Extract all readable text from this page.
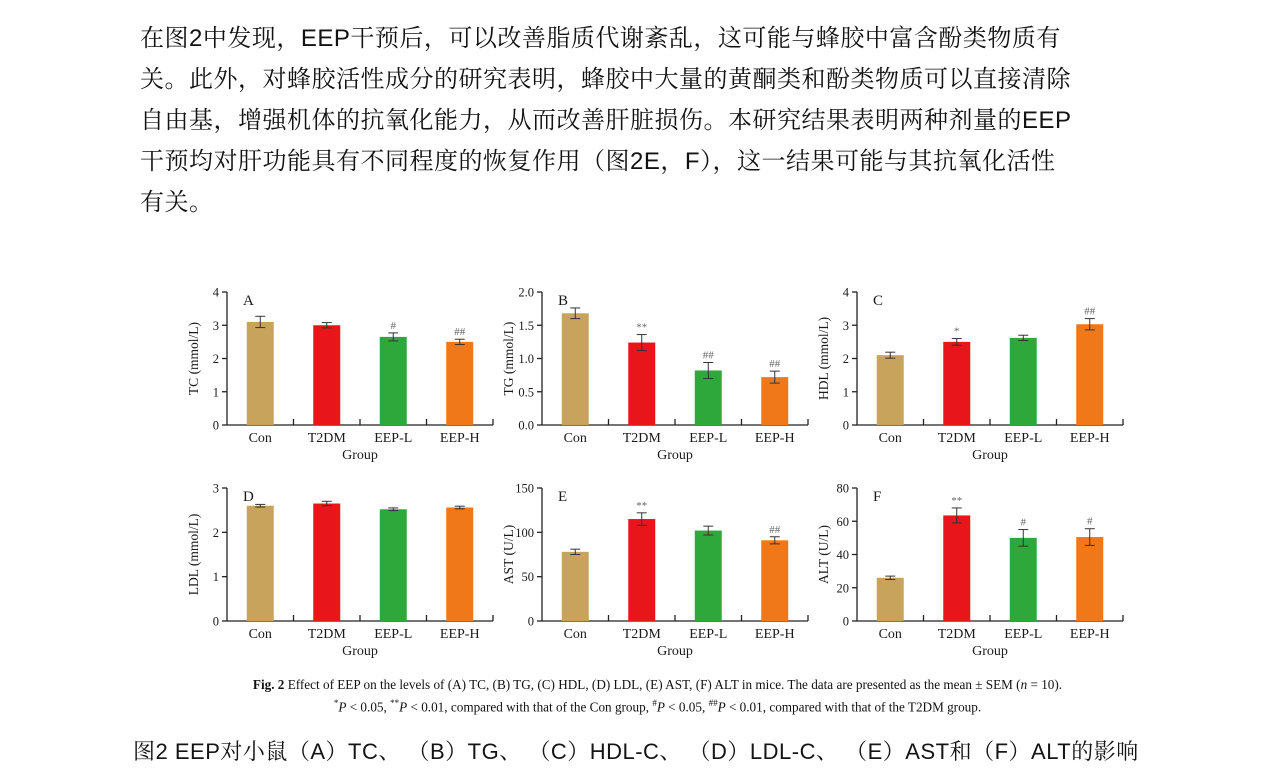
在图2中发现，EEP干预后，可以改善脂质代谢紊乱，这可能与蜂胶中富含酚类物质有
关。此外，对蜂胶活性成分的研究表明，蜂胶中大量的黄酮类和酚类物质可以直接清除
自由基，增强机体的抗氧化能力，从而改善肝脏损伤。本研究结果表明两种剂量的EEP
干预均对肝功能具有不同程度的恢复作用（图2E，F），这一结果可能与其抗氧化活性
有关。
0
1
2
3
4
Con	T2DM EEP-L
#
EEP-H
##
A
TC (mmol/L)
Group
0.0
0.5
1.0
1.5
2.0
Con	T2DM
**
EEP-L
##
EEP-H
##
B
TG (mmol/L)
Group
0
1
2
3
4
Con	T2DM
*
EEP-L EEP-H
##
C
HDL (mmol/L)
Group
0
1
2
3
Con	T2DM EEP-L EEP-H
D
LDL (mmol/L)
Group
0
50
100
150
Con	T2DM
**
EEP-L EEP-H
##
E
AST (U/L)
Group
0
20
40
60
80
Con	T2DM
**
EEP-L
#
EEP-H
#
F
ALT (U/L)
Group
Fig. 2 Effect of EEP on the levels of (A) TC, (B) TG, (C) HDL, (D) LDL, (E) AST, (F) ALT in mice. The data are presented as the mean ± SEM (n = 10).
*P < 0.05, **P < 0.01, compared with that of the Con group, #P < 0.05, ##P < 0.01, compared with that of the T2DM group.
图2 EEP对小鼠（A）TC、 （B）TG、 （C）HDL-C、 （D）LDL-C、 （E）AST和（F）ALT的影响
